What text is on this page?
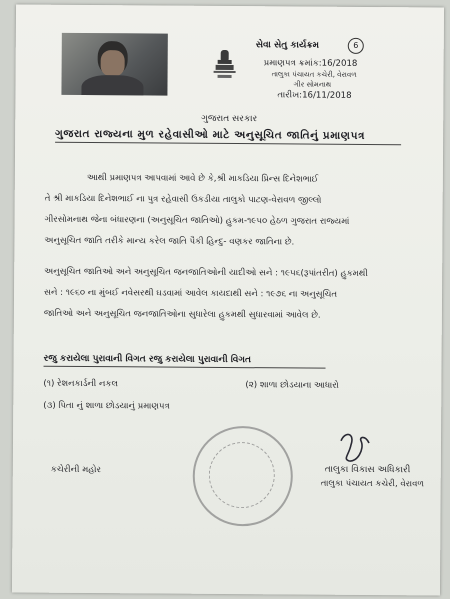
સેવા સેતુ કાર્યક્રમ	6
પ્રમાણપત્ર ક્રમાંક:16/2018
તાલુકા પંચાયત કચેરી, વેરાવળ
ગીર સોમનાથ
તારીખ:16/11/2018
ગુજરાત સરકાર
ગુજરાત રાજ્યના મુળ રહેવાસીઓ માટે અનુસૂચિત જાતિનું પ્રમાણપત્ર
આથી પ્રમાણપત્ર આપવામાં આવે છે કે,શ્રી માકડિયા પ્રિન્સ દિનેશભાઈ
તે શ્રી માકડિયા દિનેશભાઈ ના પુત્ર રહેવાસી ઉકડીયા તાલુકો પાટણ-વેરાવળ જીલ્લો
ગીરસોમનાથ જેના બંધારણના (અનુસૂચિત જાતિઓ) હુકમ-૧૯૫૦ હેઠળ ગુજરાત રાજ્યમાં
અનુસૂચિત જાતિ તરીકે માન્ય કરેલ જાતિ પૈકી હિન્દુ- વણકર જાતિના છે.
અનુસૂચિત જાતિઓ અને અનુસૂચિત જનજાતિઓની યાદીઓ સને : ૧૯૫૬(રૂપાંતરીત) હુકમથી
સને : ૧૯૬૦ ના મુંબઈ નવેસરથી ઘડવામાં આવેલ કાયદાથી સને : ૧૯૭૬ ના અનુસૂચિત
જાતિઓ અને અનુસૂચિત જનજાતિઓના સુધારેલા હુકમથી સુધારવામાં આવેલ છે.
રજુ કરાયેલા પુરાવાની વિગત રજુ કરાયેલા પુરાવાની વિગત
(૧) રેશનકાર્ડની નકલ	(૨) શાળા છોડયાના આધારો
(૩) પિતા નું શાળા છોડયાનું પ્રમાણપત્ર
કચેરીની મહોર	તાલુકા વિકાસ અધિકારી
તાલુકા પંચાયત કચેરી, વેરાવળ
